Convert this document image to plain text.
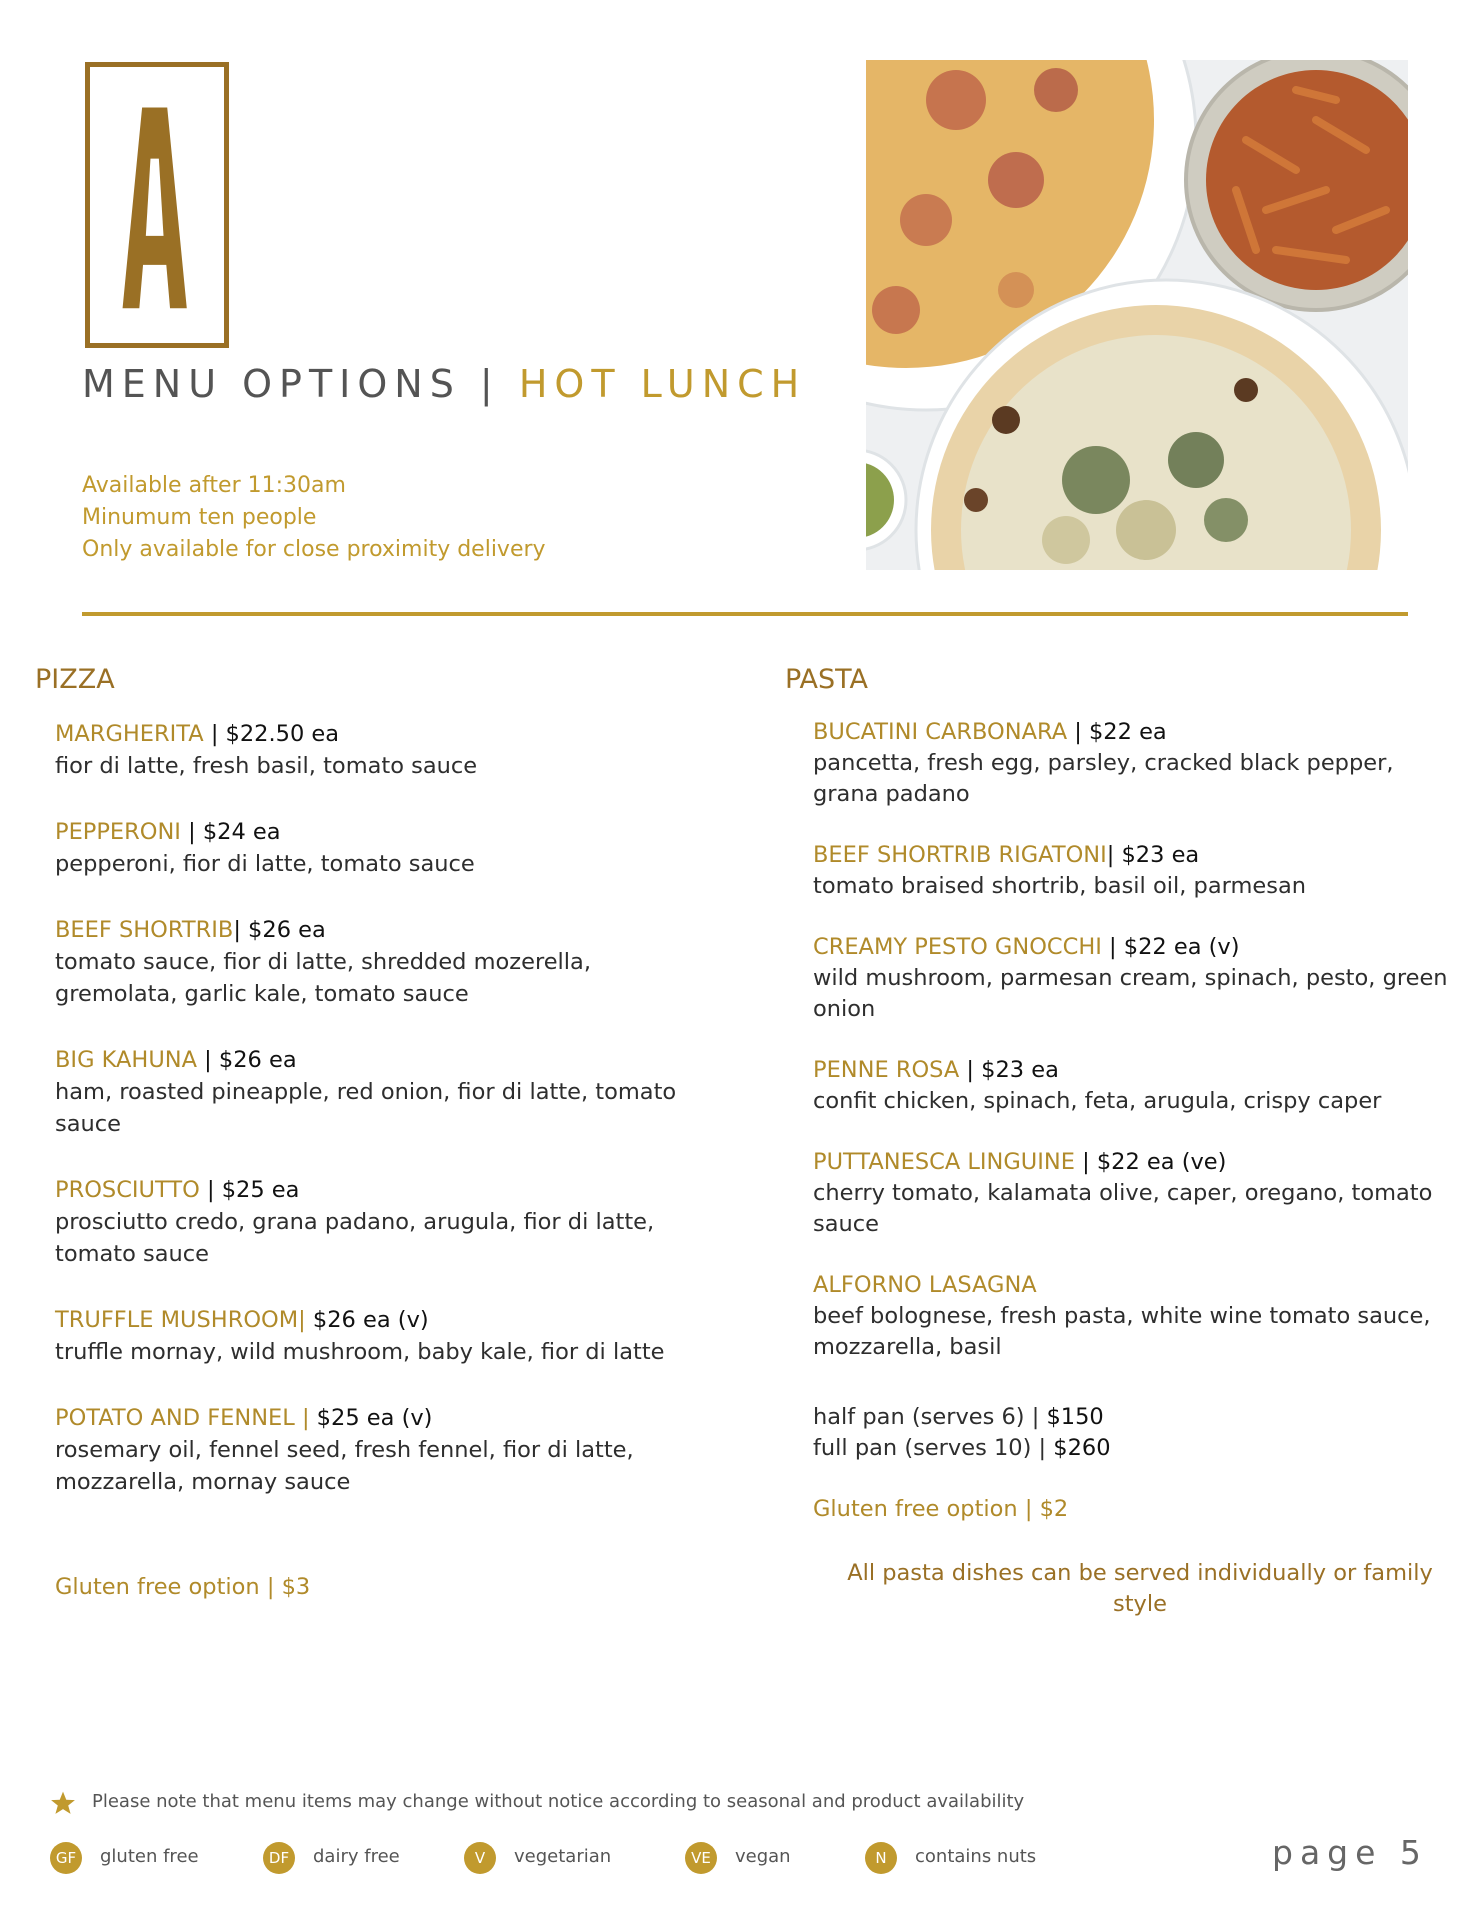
MENU OPTIONS | HOT LUNCH
Available after 11:30am
Minumum ten people
Only available for close proximity delivery
PIZZA
MARGHERITA | $22.50 ea
fior di latte, fresh basil, tomato sauce
PEPPERONI | $24 ea
pepperoni, fior di latte, tomato sauce
BEEF SHORTRIB| $26 ea
tomato sauce, fior di latte, shredded mozerella, gremolata, garlic kale, tomato sauce
BIG KAHUNA | $26 ea
ham, roasted pineapple, red onion, fior di latte, tomato sauce
PROSCIUTTO | $25 ea
prosciutto credo, grana padano, arugula, fior di latte, tomato sauce
TRUFFLE MUSHROOM| $26 ea (v)
truffle mornay, wild mushroom, baby kale, fior di latte
POTATO AND FENNEL | $25 ea (v)
rosemary oil, fennel seed, fresh fennel, fior di latte, mozzarella, mornay sauce
Gluten free option | $3
PASTA
BUCATINI CARBONARA | $22 ea
pancetta, fresh egg, parsley, cracked black pepper, grana padano
BEEF SHORTRIB RIGATONI| $23 ea
tomato braised shortrib, basil oil, parmesan
CREAMY PESTO GNOCCHI | $22 ea (v)
wild mushroom, parmesan cream, spinach, pesto, green onion
PENNE ROSA | $23 ea
confit chicken, spinach, feta, arugula, crispy caper
PUTTANESCA LINGUINE | $22 ea (ve)
cherry tomato, kalamata olive, caper, oregano, tomato sauce
ALFORNO LASAGNA
beef bolognese, fresh pasta, white wine tomato sauce, mozzarella, basil
half pan (serves 6) | $150
full pan (serves 10) | $260
Gluten free option | $2
All pasta dishes can be served individually or family style
Please note that menu items may change without notice according to seasonal and product availability
GF	gluten free	DF	dairy free	V	vegetarian	VE	vegan	N	contains nuts	page 5
